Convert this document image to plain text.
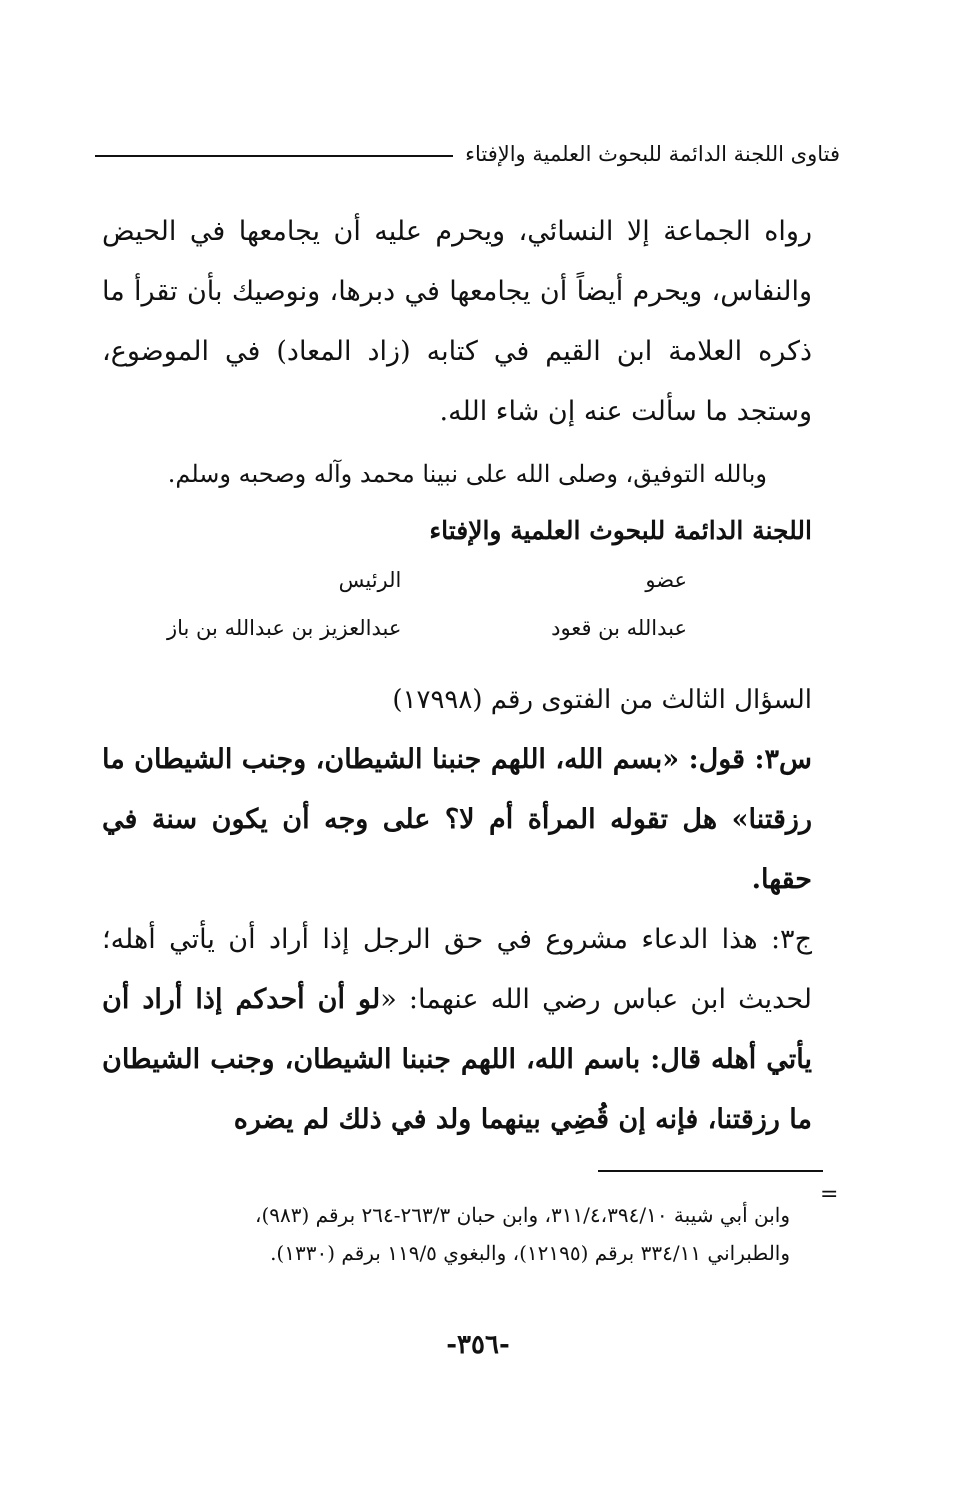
فتاوى اللجنة الدائمة للبحوث العلمية والإفتاء

رواه الجماعة إلا النسائي، ويحرم عليه أن يجامعها في الحيض والنفاس، ويحرم أيضاً أن يجامعها في دبرها، ونوصيك بأن تقرأ ما ذكره العلامة ابن القيم في كتابه (زاد المعاد) في الموضوع، وستجد ما سألت عنه إن شاء الله.

وبالله التوفيق، وصلى الله على نبينا محمد وآله وصحبه وسلم.

اللجنة الدائمة للبحوث العلمية والإفتاء
عضو
عبدالله بن قعود
الرئيس
عبدالعزيز بن عبدالله بن باز
السؤال الثالث من الفتوى رقم (١٧٩٩٨)
س٣: قول: «بسم الله، اللهم جنبنا الشيطان، وجنب الشيطان ما رزقتنا» هل تقوله المرأة أم لا؟ على وجه أن يكون سنة في حقها.
ج٣: هذا الدعاء مشروع في حق الرجل إذا أراد أن يأتي أهله؛ لحديث ابن عباس رضي الله عنهما: «لو أن أحدكم إذا أراد أن يأتي أهله قال: باسم الله، اللهم جنبنا الشيطان، وجنب الشيطان ما رزقتنا، فإنه إن قُضِي بينهما ولد في ذلك لم يضره
=
وابن أبي شيبة ٣١١/٤،٣٩٤/١٠، وابن حبان ٢٦٣/٣-٢٦٤ برقم (٩٨٣)،
والطبراني ٣٣٤/١١ برقم (١٢١٩٥)، والبغوي ١١٩/٥ برقم (١٣٣٠).
-٣٥٦-
